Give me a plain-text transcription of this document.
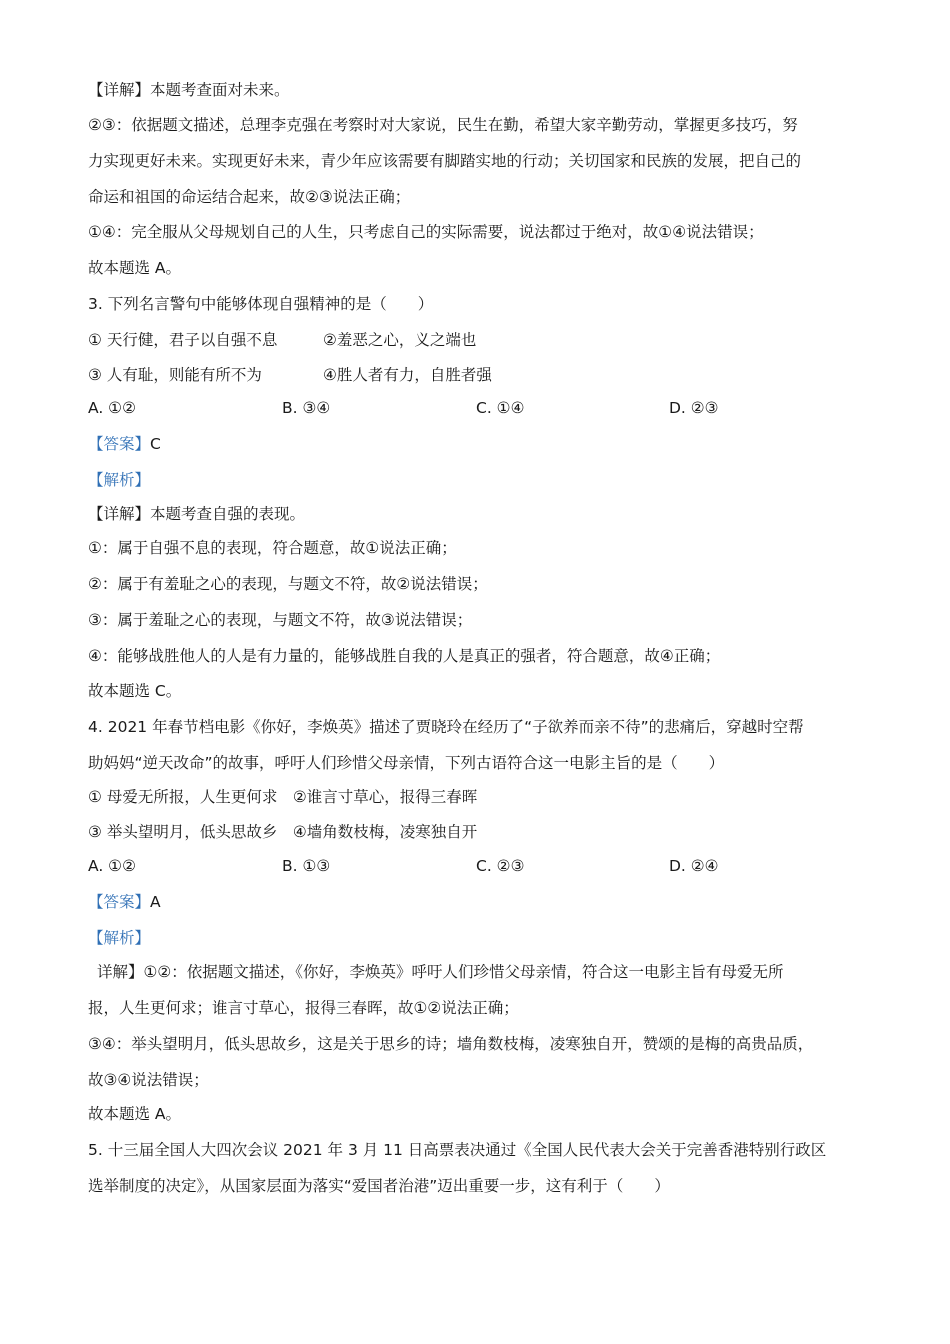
【详解】本题考查面对未来。
②③：依据题文描述，总理李克强在考察时对大家说，民生在勤，希望大家辛勤劳动，掌握更多技巧，努
力实现更好未来。实现更好未来，青少年应该需要有脚踏实地的行动；关切国家和民族的发展，把自己的
命运和祖国的命运结合起来，故②③说法正确；
①④：完全服从父母规划自己的人生，只考虑自己的实际需要，说法都过于绝对，故①④说法错误；
故本题选 A。
3. 下列名言警句中能够体现自强精神的是（　　）
① 天行健，君子以自强不息	②羞恶之心，义之端也
③ 人有耻，则能有所不为	④胜人者有力，自胜者强
A. ①②	B. ③④	C. ①④	D. ②③
【答案】C
【解析】
【详解】本题考查自强的表现。
①：属于自强不息的表现，符合题意，故①说法正确；
②：属于有羞耻之心的表现，与题文不符，故②说法错误；
③：属于羞耻之心的表现，与题文不符，故③说法错误；
④：能够战胜他人的人是有力量的，能够战胜自我的人是真正的强者，符合题意，故④正确；
故本题选 C。
4. 2021 年春节档电影《你好，李焕英》描述了贾晓玲在经历了“子欲养而亲不待”的悲痛后，穿越时空帮
助妈妈“逆天改命”的故事，呼吁人们珍惜父母亲情，下列古语符合这一电影主旨的是（　　）
① 母爱无所报，人生更何求　②谁言寸草心，报得三春晖
③ 举头望明月，低头思故乡　④墙角数枝梅，凌寒独自开
A. ①②	B. ①③	C. ②③	D. ②④
【答案】A
【解析】
详解】①②：依据题文描述，《你好，李焕英》呼吁人们珍惜父母亲情，符合这一电影主旨有母爱无所
报，人生更何求；谁言寸草心，报得三春晖，故①②说法正确；
③④：举头望明月，低头思故乡，这是关于思乡的诗；墙角数枝梅，凌寒独自开，赞颂的是梅的高贵品质，
故③④说法错误；
故本题选 A。
5. 十三届全国人大四次会议 2021 年 3 月 11 日高票表决通过《全国人民代表大会关于完善香港特别行政区
选举制度的决定》，从国家层面为落实“爱国者治港”迈出重要一步，这有利于（　　）
